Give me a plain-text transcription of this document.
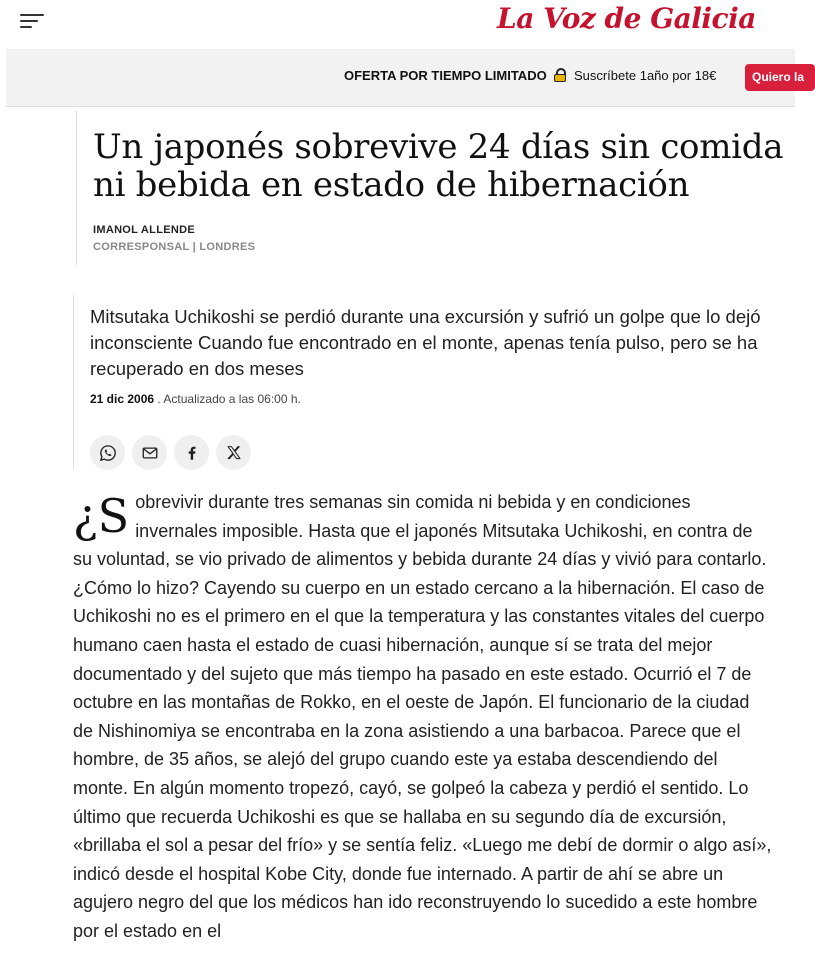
La Voz de Galicia
OFERTA POR TIEMPO LIMITADO Suscríbete 1año por 18€	Quiero la
Un japonés sobrevive 24 días sin comida ni bebida en estado de hibernación
IMANOL ALLENDE
CORRESPONSAL | LONDRES

Mitsutaka Uchikoshi se perdió durante una excursión y sufrió un golpe que lo dejó inconsciente Cuando fue encontrado en el monte, apenas tenía pulso, pero se ha recuperado en dos meses

21 dic 2006 . Actualizado a las 06:00 h.
¿S obrevivir durante tres semanas sin comida ni bebida y en condiciones invernales imposible. Hasta que el japonés Mitsutaka Uchikoshi, en contra de su voluntad, se vio privado de alimentos y bebida durante 24 días y vivió para contarlo. ¿Cómo lo hizo? Cayendo su cuerpo en un estado cercano a la hibernación. El caso de Uchikoshi no es el primero en el que la temperatura y las constantes vitales del cuerpo humano caen hasta el estado de cuasi hibernación, aunque sí se trata del mejor documentado y del sujeto que más tiempo ha pasado en este estado. Ocurrió el 7 de octubre en las montañas de Rokko, en el oeste de Japón. El funcionario de la ciudad de Nishinomiya se encontraba en la zona asistiendo a una barbacoa. Parece que el hombre, de 35 años, se alejó del grupo cuando este ya estaba descendiendo del monte. En algún momento tropezó, cayó, se golpeó la cabeza y perdió el sentido. Lo último que recuerda Uchikoshi es que se hallaba en su segundo día de excursión, «brillaba el sol a pesar del frío» y se sentía feliz. «Luego me debí de dormir o algo así», indicó desde el hospital Kobe City, donde fue internado. A partir de ahí se abre un agujero negro del que los médicos han ido reconstruyendo lo sucedido a este hombre por el estado en el
